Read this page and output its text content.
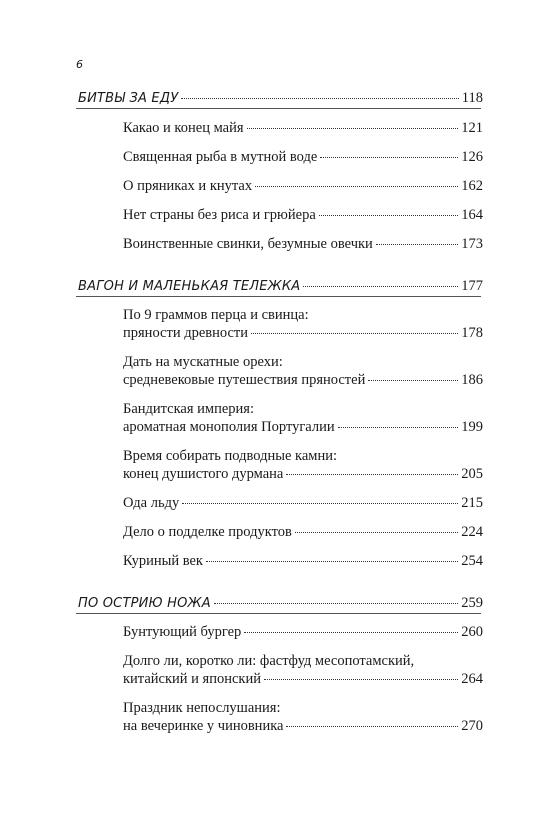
6
БИТВЫ ЗА ЕДУ	118
Какао и конец майя	121
Священная рыба в мутной воде	126
О пряниках и кнутах	162
Нет страны без риса и грюйера	164
Воинственные свинки, безумные овечки	173
ВАГОН И МАЛЕНЬКАЯ ТЕЛЕЖКА	177
По 9 граммов перца и свинца:
пряности древности	178
Дать на мускатные орехи:
средневековые путешествия пряностей	186
Бандитская империя:
ароматная монополия Португалии	199
Время собирать подводные камни:
конец душистого дурмана	205
Ода льду	215
Дело о подделке продуктов	224
Куриный век	254
ПО ОСТРИЮ НОЖА	259
Бунтующий бургер	260
Долго ли, коротко ли: фастфуд месопотамский,
китайский и японский	264
Праздник непослушания:
на вечеринке у чиновника	270
